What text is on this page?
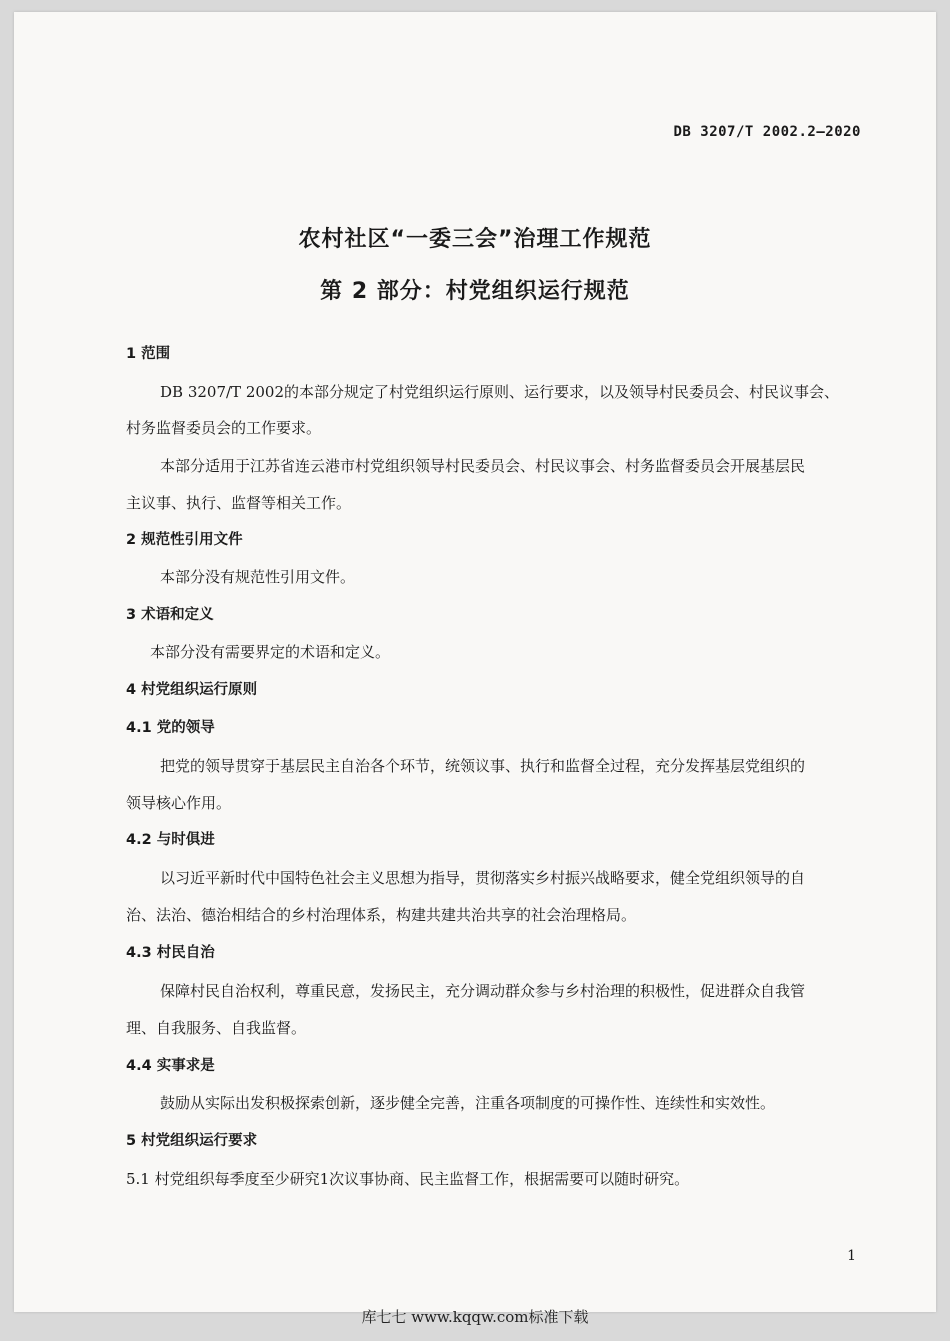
DB 3207/T 2002.2—2020
农村社区“一委三会”治理工作规范
第 2 部分：村党组织运行规范
1 范围
DB 3207/T 2002的本部分规定了村党组织运行原则、运行要求，以及领导村民委员会、村民议事会、
村务监督委员会的工作要求。
本部分适用于江苏省连云港市村党组织领导村民委员会、村民议事会、村务监督委员会开展基层民
主议事、执行、监督等相关工作。
2 规范性引用文件
本部分没有规范性引用文件。
3 术语和定义
本部分没有需要界定的术语和定义。
4 村党组织运行原则
4.1 党的领导
把党的领导贯穿于基层民主自治各个环节，统领议事、执行和监督全过程，充分发挥基层党组织的
领导核心作用。
4.2 与时俱进
以习近平新时代中国特色社会主义思想为指导，贯彻落实乡村振兴战略要求，健全党组织领导的自
治、法治、德治相结合的乡村治理体系，构建共建共治共享的社会治理格局。
4.3 村民自治
保障村民自治权利，尊重民意，发扬民主，充分调动群众参与乡村治理的积极性，促进群众自我管
理、自我服务、自我监督。
4.4 实事求是
鼓励从实际出发积极探索创新，逐步健全完善，注重各项制度的可操作性、连续性和实效性。
5 村党组织运行要求
5.1 村党组织每季度至少研究1次议事协商、民主监督工作，根据需要可以随时研究。
1
库七七 www.kqqw.com标准下载
